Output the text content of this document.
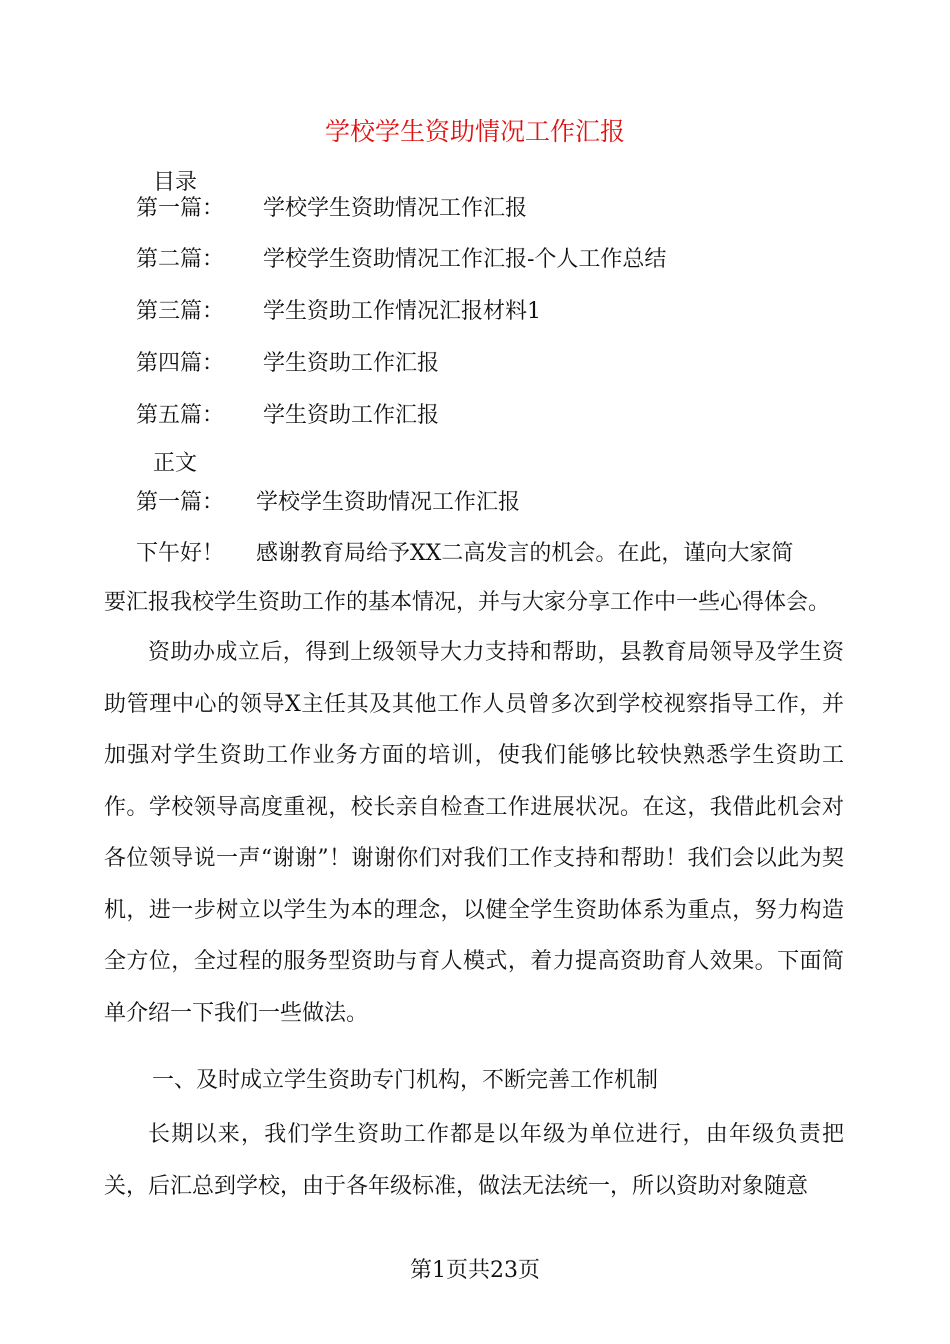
学校学生资助情况工作汇报
目录
第一篇： 学校学生资助情况工作汇报
第二篇： 学校学生资助情况工作汇报-个人工作总结
第三篇： 学生资助工作情况汇报材料1
第四篇： 学生资助工作汇报
第五篇： 学生资助工作汇报
正文
第一篇： 学校学生资助情况工作汇报
下午好！ 感谢教育局给予XX二高发言的机会。在此，谨向大家简
要汇报我校学生资助工作的基本情况，并与大家分享工作中一些心得体会。
资助办成立后，得到上级领导大力支持和帮助，县教育局领导及学生资助管理中心的领导X主任其及其他工作人员曾多次到学校视察指导工作，并加强对学生资助工作业务方面的培训，使我们能够比较快熟悉学生资助工作。学校领导高度重视，校长亲自检查工作进展状况。在这，我借此机会对各位领导说一声“谢谢”！谢谢你们对我们工作支持和帮助！我们会以此为契机，进一步树立以学生为本的理念，以健全学生资助体系为重点，努力构造全方位，全过程的服务型资助与育人模式，着力提高资助育人效果。下面简单介绍一下我们一些做法。
一、及时成立学生资助专门机构，不断完善工作机制
长期以来，我们学生资助工作都是以年级为单位进行，由年级负责把关，后汇总到学校，由于各年级标准，做法无法统一，所以资助对象随意
第1页共23页
